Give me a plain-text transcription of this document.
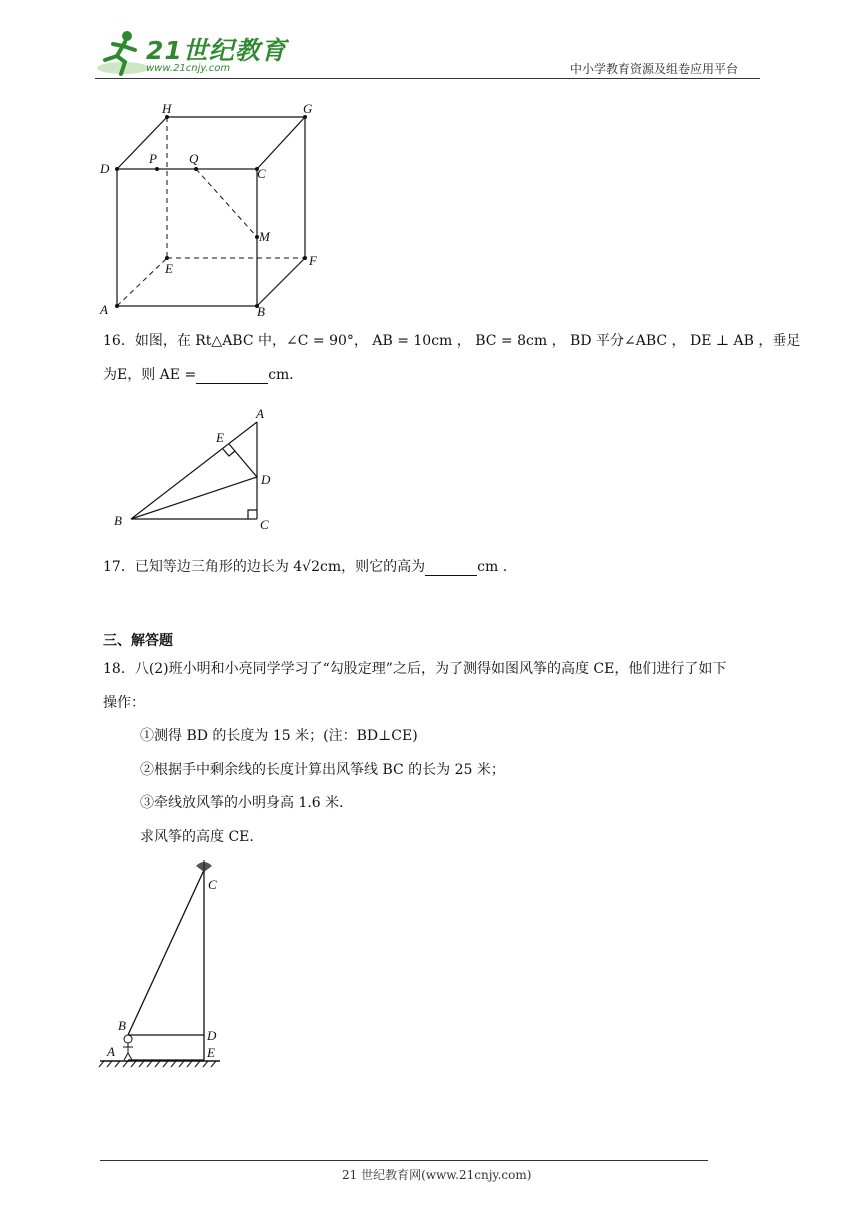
21世纪教育
www.21cnjy.com	中小学教育资源及组卷应用平台
H	G
D
P Q
C
M
E
F
A	B
16．如图，在 Rt△ABC 中，∠C = 90°， AB = 10cm ， BC = 8cm ， BD 平分∠ABC ， DE ⊥ AB ，垂足
为E，则 AE =	cm．
A
E
D
B	C
17．已知等边三角形的边长为 4√2cm，则它的高为	cm .
三、解答题
18．八(2)班小明和小亮同学学习了“勾股定理”之后，为了测得如图风筝的高度 CE，他们进行了如下
操作：
①测得 BD 的长度为 15 米；(注：BD⊥CE)
②根据手中剩余线的长度计算出风筝线 BC 的长为 25 米；
③牵线放风筝的小明身高 1.6 米．
求风筝的高度 CE.
C
B
D
A	E
21 世纪教育网(www.21cnjy.com)
